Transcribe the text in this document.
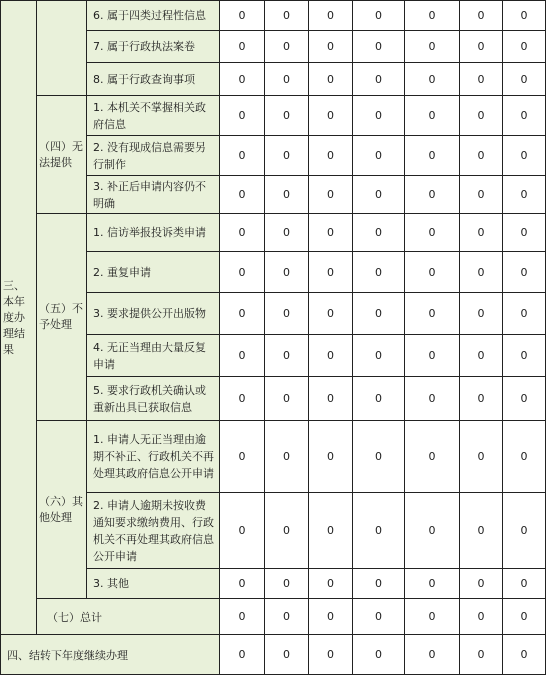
三、本年度办理结果		6. 属于四类过程性信息	0	0	0	0	0	0	0
		7. 属于行政执法案卷	0	0	0	0	0	0	0
		8. 属于行政查询事项	0	0	0	0	0	0	0
	（四）无法提供	1. 本机关不掌握相关政府信息	0	0	0	0	0	0	0
		2. 没有现成信息需要另行制作	0	0	0	0	0	0	0
		3. 补正后申请内容仍不明确	0	0	0	0	0	0	0
	（五）不予处理	1. 信访举报投诉类申请	0	0	0	0	0	0	0
		2. 重复申请	0	0	0	0	0	0	0
		3. 要求提供公开出版物	0	0	0	0	0	0	0
		4. 无正当理由大量反复申请	0	0	0	0	0	0	0
		5. 要求行政机关确认或重新出具已获取信息	0	0	0	0	0	0	0
	（六）其他处理	1. 申请人无正当理由逾期不补正、行政机关不再处理其政府信息公开申请	0	0	0	0	0	0	0
		2. 申请人逾期未按收费通知要求缴纳费用、行政机关不再处理其政府信息公开申请	0	0	0	0	0	0	0
		3. 其他	0	0	0	0	0	0	0
	（七）总计		0	0	0	0	0	0	0
四、结转下年度继续办理			0	0	0	0	0	0	0
